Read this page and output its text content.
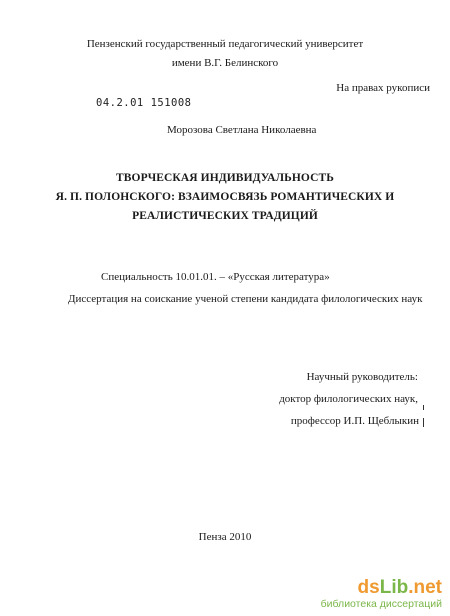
Пензенский государственный педагогический университет
имени В.Г. Белинского
На правах рукописи
04.2.01 151008
Морозова Светлана Николаевна
ТВОРЧЕСКАЯ ИНДИВИДУАЛЬНОСТЬ
Я. П. ПОЛОНСКОГО: ВЗАИМОСВЯЗЬ РОМАНТИЧЕСКИХ И
РЕАЛИСТИЧЕСКИХ ТРАДИЦИЙ
Специальность 10.01.01. – «Русская литература»
Диссертация на соискание ученой степени кандидата филологических наук
Научный руководитель:
доктор филологических наук,
профессор И.П. Щеблыкин
Пенза 2010
dsLib.net
библиотека диссертаций
